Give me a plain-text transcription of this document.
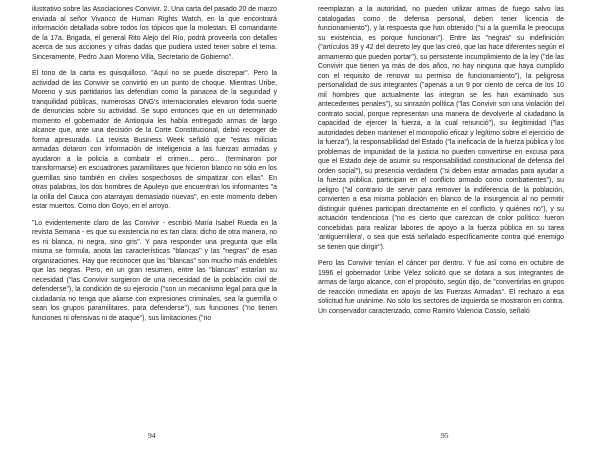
ilustrativo sobre las Asociaciones Convivir. 2. Una carta del pasado 20 de marzo enviada al señor Vivanco de Human Rights Watch, en la que encontrará información detallada sobre todos los tópicos que la molestan. El comandante de la 17a. Brigada, el general Rito Alejo del Río, podrá proveerla con detalles acerca de sus acciones y cifras dadas que pudiera usted tener sobre el tema. Sinceramente, Pedro Juan Moreno Villa, Secretario de Gobierno".

El tono de la carta es quisquilloso. "Aquí no se puede discrepar". Pero la actividad de las Convivir se convirtió en un punto de choque. Mientras Uribe, Moreno y sus partidarios las defendían como la panacea de la seguridad y tranquilidad públicas, numerosas ONG's internacionales elevaron toda suerte de denuncias sobre su actividad. Se supo entonces que en un determinado momento el gobernador de Antioquia les había entregado armas de largo alcance que, ante una decisión de la Corte Constitucional, debió recoger de forma apresurada. La revista Business Week señaló que "estas milicias armadas dotaron con información de inteligencia a las fuerzas armadas y ayudaron a la policía a combatir el crimen... pero... (terminaron por transformarse) en escuadrones paramilitares que hicieron blanco no sólo en los guerrillas sino también en civiles sospechosos de simpatizar con ellas". En otras palabras, los dos hombres de Apuleyo que encuentran los informantes "a la orilla del Cauca con atarrayas demasiado nuevas", en este momento deben estar muertos. Como don Goyo, en el arroyo.

"Lo evidentemente claro de las Convivir - escribió María Isabel Rueda en la revista Semana - es que su existencia no es tan clara: dicho de otra manera, no es ni blanca, ni negra, sino gris". Y para responder una pregunta que ella misma se formula, anota las características "blancas" y las "negras" de esas organizaciones. Hay que reconocer que las "blancas" son mucho más endebles que las negras. Pero, en un gran resumen, entre las "blancas" estarían su necesidad ("las Convivir surgieron de una necesidad de la población civil de defenderse"), la condición de su ejercicio ("son un mecanismo legal para que la ciudadanía no tenga que aliarse con expresiones criminales, sea la guerrilla o sean los grupos paramilitares, para defenderse"), sus funciones ("no tienen funciones ni ofensivas ni de ataque"), sus limitaciones ("no

94

reemplazan a la autoridad, no pueden utilizar armas de fuego salvo las catalogadas como de defensa personal, deben tener licencia de funcionamiento"), y la respuesta que han obtenido ("si a la guerrilla le preocupa su existencia, es porque funcionan"). Entre las "negras" su indefinición ("artículos 39 y 42 del decreto ley que las creó, que las hace diferentes según el armamento que pueden portar"), su persistente incumplimiento de la ley ("de las Convivir que tienen ya más de dos años, no hay ninguna que haya cumplido con el requisito de renovar su permiso de funcionamiento"), la peligrosa personalidad de sus integrantes ("apenas a un 9 por ciento de cerca de los 10 mil hombres que actualmente las integran se les han examinado sus antecedentes penales"), su sinrazón política ("las Convivir son una violación del contrato social, porque representan una manera de devolverle al ciudadano la capacidad de ejercer la fuerza, a la cual renunció"), su ilegitimidad ("las autoridades deben mantener el monopolio eficaz y legítimo sobre el ejercicio de la fuerza"), la responsabilidad del Estado ("la ineficacia de la fuerza pública y los problemas de impunidad de la justicia no pueden convertirse en excusa para que el Estado deje de asumir su responsabilidad constitucional de defensa del orden social"), su presencia verdadera ("si deben estar armadas para ayudar a la fuerza pública, participan en el conflicto armado como combatientes"), su peligro ("al contrario de servir para remover la indiferencia de la población, convierten a esa misma población en blanco de la insurgencia al no permitir distinguir quiénes participan directamente en el conflicto, y quiénes no"), y su actuación tendenciosa ("no es cierto que carezcan de color político: fueron concebidas para realizar labores de apoyo a la fuerza pública en su tarea 'antiguerrillera', o sea que está señalado específicamente contra qué enemigo se tienen que dirigir").

Pero las Convivir tenían el cáncer por dentro. Y fue así como en octubre de 1996 el gobernador Uribe Vélez solicitó que se dotara a sus integrantes de armas de largo alcance, con el propósito, según dijo, de "convertirlas en grupos de reacción inmediata en apoyo de las Fuerzas Armadas". El rechazo a esa solicitud fue unánime. No sólo los sectores de izquierda se mostraron en contra. Un conservador caracterizado, como Ramiro Valencia Cossio, señaló

95
